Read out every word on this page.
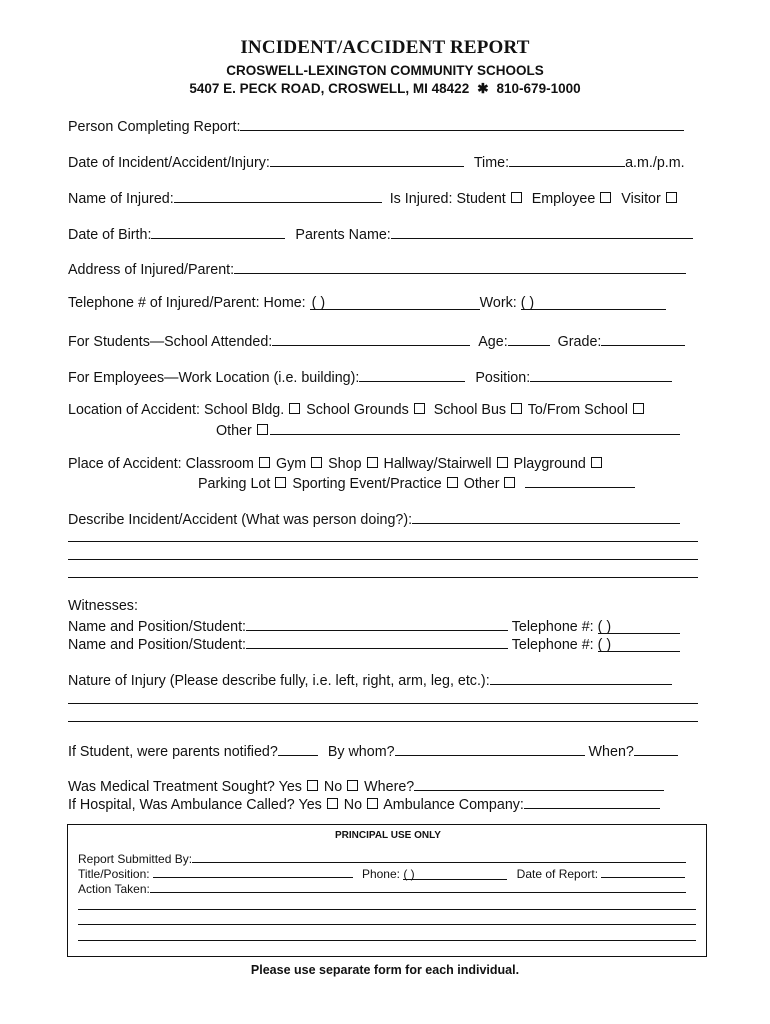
INCIDENT/ACCIDENT REPORT
CROSWELL-LEXINGTON COMMUNITY SCHOOLS
5407 E. PECK ROAD, CROSWELL, MI 48422 ✱ 810-679-1000
Person Completing Report:
Date of Incident/Accident/Injury:	Time:	a.m./p.m.
Name of Injured:	Is Injured: Student Employee Visitor
Date of Birth:	Parents Name:
Address of Injured/Parent:
Telephone # of Injured/Parent: Home: ( )	Work: ( )
For Students—School Attended:	Age:	Grade:
For Employees—Work Location (i.e. building):	Position:
Location of Accident: School Bldg. School Grounds School Bus To/From School
Other
Place of Accident: Classroom Gym Shop Hallway/Stairwell Playground
Parking Lot Sporting Event/Practice Other
Describe Incident/Accident (What was person doing?):
Witnesses:
Name and Position/Student:	Telephone #: ( )
Name and Position/Student:	Telephone #: ( )
Nature of Injury (Please describe fully, i.e. left, right, arm, leg, etc.):
If Student, were parents notified?	By whom?	When?
Was Medical Treatment Sought? Yes No Where?
If Hospital, Was Ambulance Called? Yes No Ambulance Company:
PRINCIPAL USE ONLY
Report Submitted By:
Title/Position:	Phone: ( )	Date of Report:
Action Taken:
Please use separate form for each individual.
